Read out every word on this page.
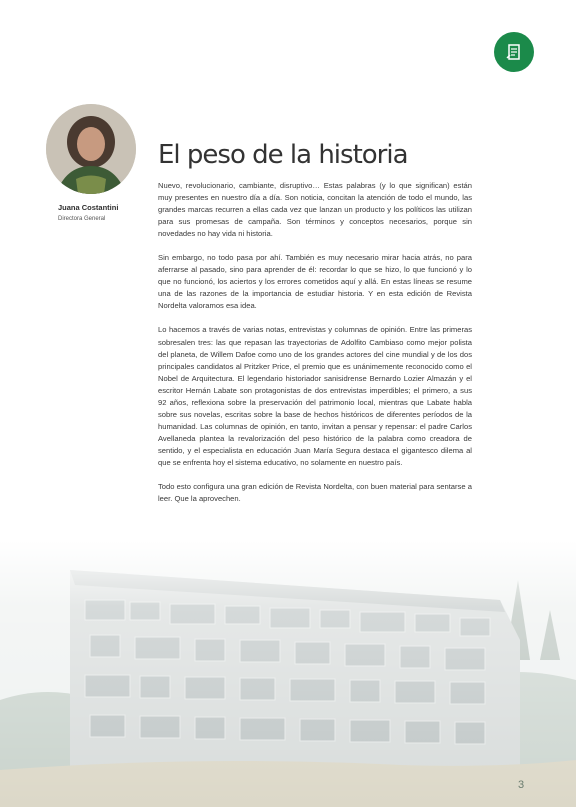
Juana Costantini
Directora General
El peso de la historia

Nuevo, revolucionario, cambiante, disruptivo… Estas palabras (y lo que significan) están muy presentes en nuestro día a día. Son noticia, concitan la atención de todo el mundo, las grandes marcas recurren a ellas cada vez que lanzan un producto y los políticos las utilizan para sus promesas de campaña. Son términos y conceptos necesarios, porque sin novedades no hay vida ni historia.

Sin embargo, no todo pasa por ahí. También es muy necesario mirar hacia atrás, no para aferrarse al pasado, sino para aprender de él: recordar lo que se hizo, lo que funcionó y lo que no funcionó, los aciertos y los errores cometidos aquí y allá. En estas líneas se resume una de las razones de la importancia de estudiar historia. Y en esta edición de Revista Nordelta valoramos esa idea.

Lo hacemos a través de varias notas, entrevistas y columnas de opinión. Entre las primeras sobresalen tres: las que repasan las trayectorias de Adolfito Cambiaso como mejor polista del planeta, de Willem Dafoe como uno de los grandes actores del cine mundial y de los dos principales candidatos al Pritzker Price, el premio que es unánimemente reconocido como el Nobel de Arquitectura. El legendario historiador sanisidrense Bernardo Lozier Almazán y el escritor Hernán Labate son protagonistas de dos entrevistas imperdibles; el primero, a sus 92 años, reflexiona sobre la preservación del patrimonio local, mientras que Labate habla sobre sus novelas, escritas sobre la base de hechos históricos de diferentes períodos de la humanidad. Las columnas de opinión, en tanto, invitan a pensar y repensar: el padre Carlos Avellaneda plantea la revalorización del peso histórico de la palabra como creadora de sentido, y el especialista en educación Juan María Segura destaca el gigantesco dilema al que se enfrenta hoy el sistema educativo, no solamente en nuestro país.

Todo esto configura una gran edición de Revista Nordelta, con buen material para sentarse a leer. Que la aprovechen.

3
